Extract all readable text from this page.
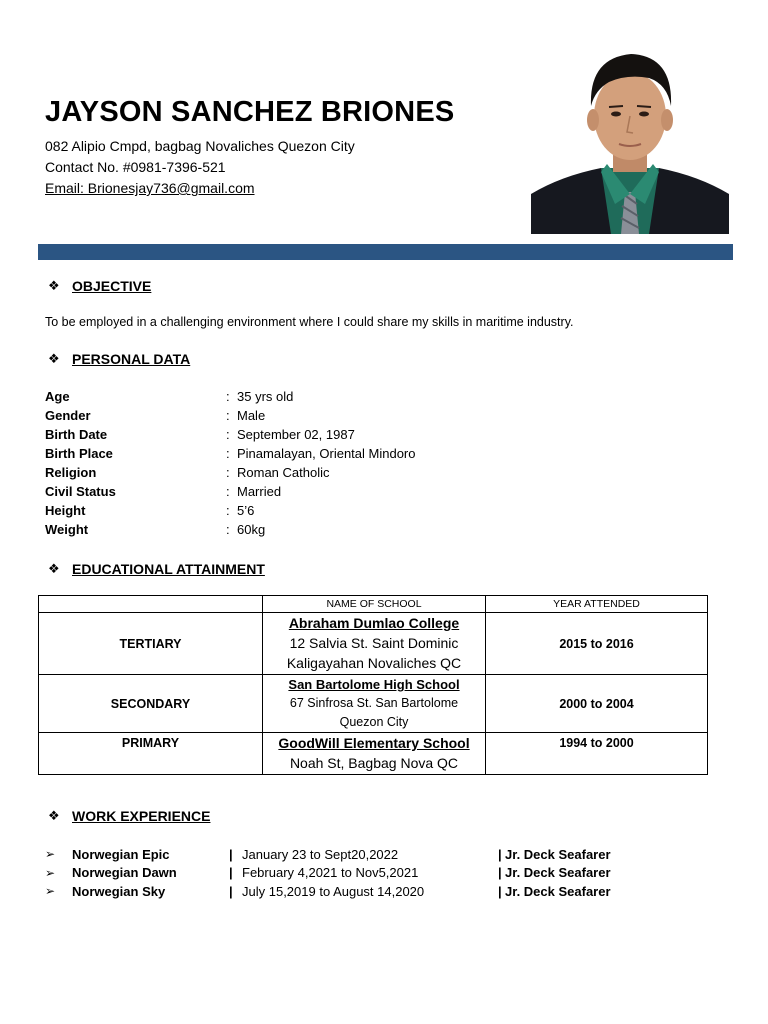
JAYSON SANCHEZ BRIONES
082 Alipio Cmpd, bagbag Novaliches Quezon City
Contact No. #0981-7396-521
Email: Brionesjay736@gmail.com
❖ OBJECTIVE
To be employed in a challenging environment where I could share my skills in maritime industry.
❖ PERSONAL DATA
Age	: 35 yrs old
Gender	: Male
Birth Date	: September 02, 1987
Birth Place	: Pinamalayan, Oriental Mindoro
Religion	: Roman Catholic
Civil Status	: Married
Height	: 5’6
Weight	: 60kg
❖ EDUCATIONAL ATTAINMENT
	NAME OF SCHOOL	YEAR ATTENDED
TERTIARY	Abraham Dumlao College
12 Salvia St. Saint Dominic
Kaligayahan Novaliches QC	2015 to 2016
SECONDARY	San Bartolome High School
67 Sinfrosa St. San Bartolome
Quezon City	2000 to 2004
PRIMARY	GoodWill Elementary School
Noah St, Bagbag Nova QC	1994 to 2000
❖ WORK EXPERIENCE
➢	Norwegian Epic	| January 23 to Sept20,2022	| Jr. Deck Seafarer
➢	Norwegian Dawn	| February 4,2021 to Nov5,2021	| Jr. Deck Seafarer
➢	Norwegian Sky	| July 15,2019 to August 14,2020	| Jr. Deck Seafarer
